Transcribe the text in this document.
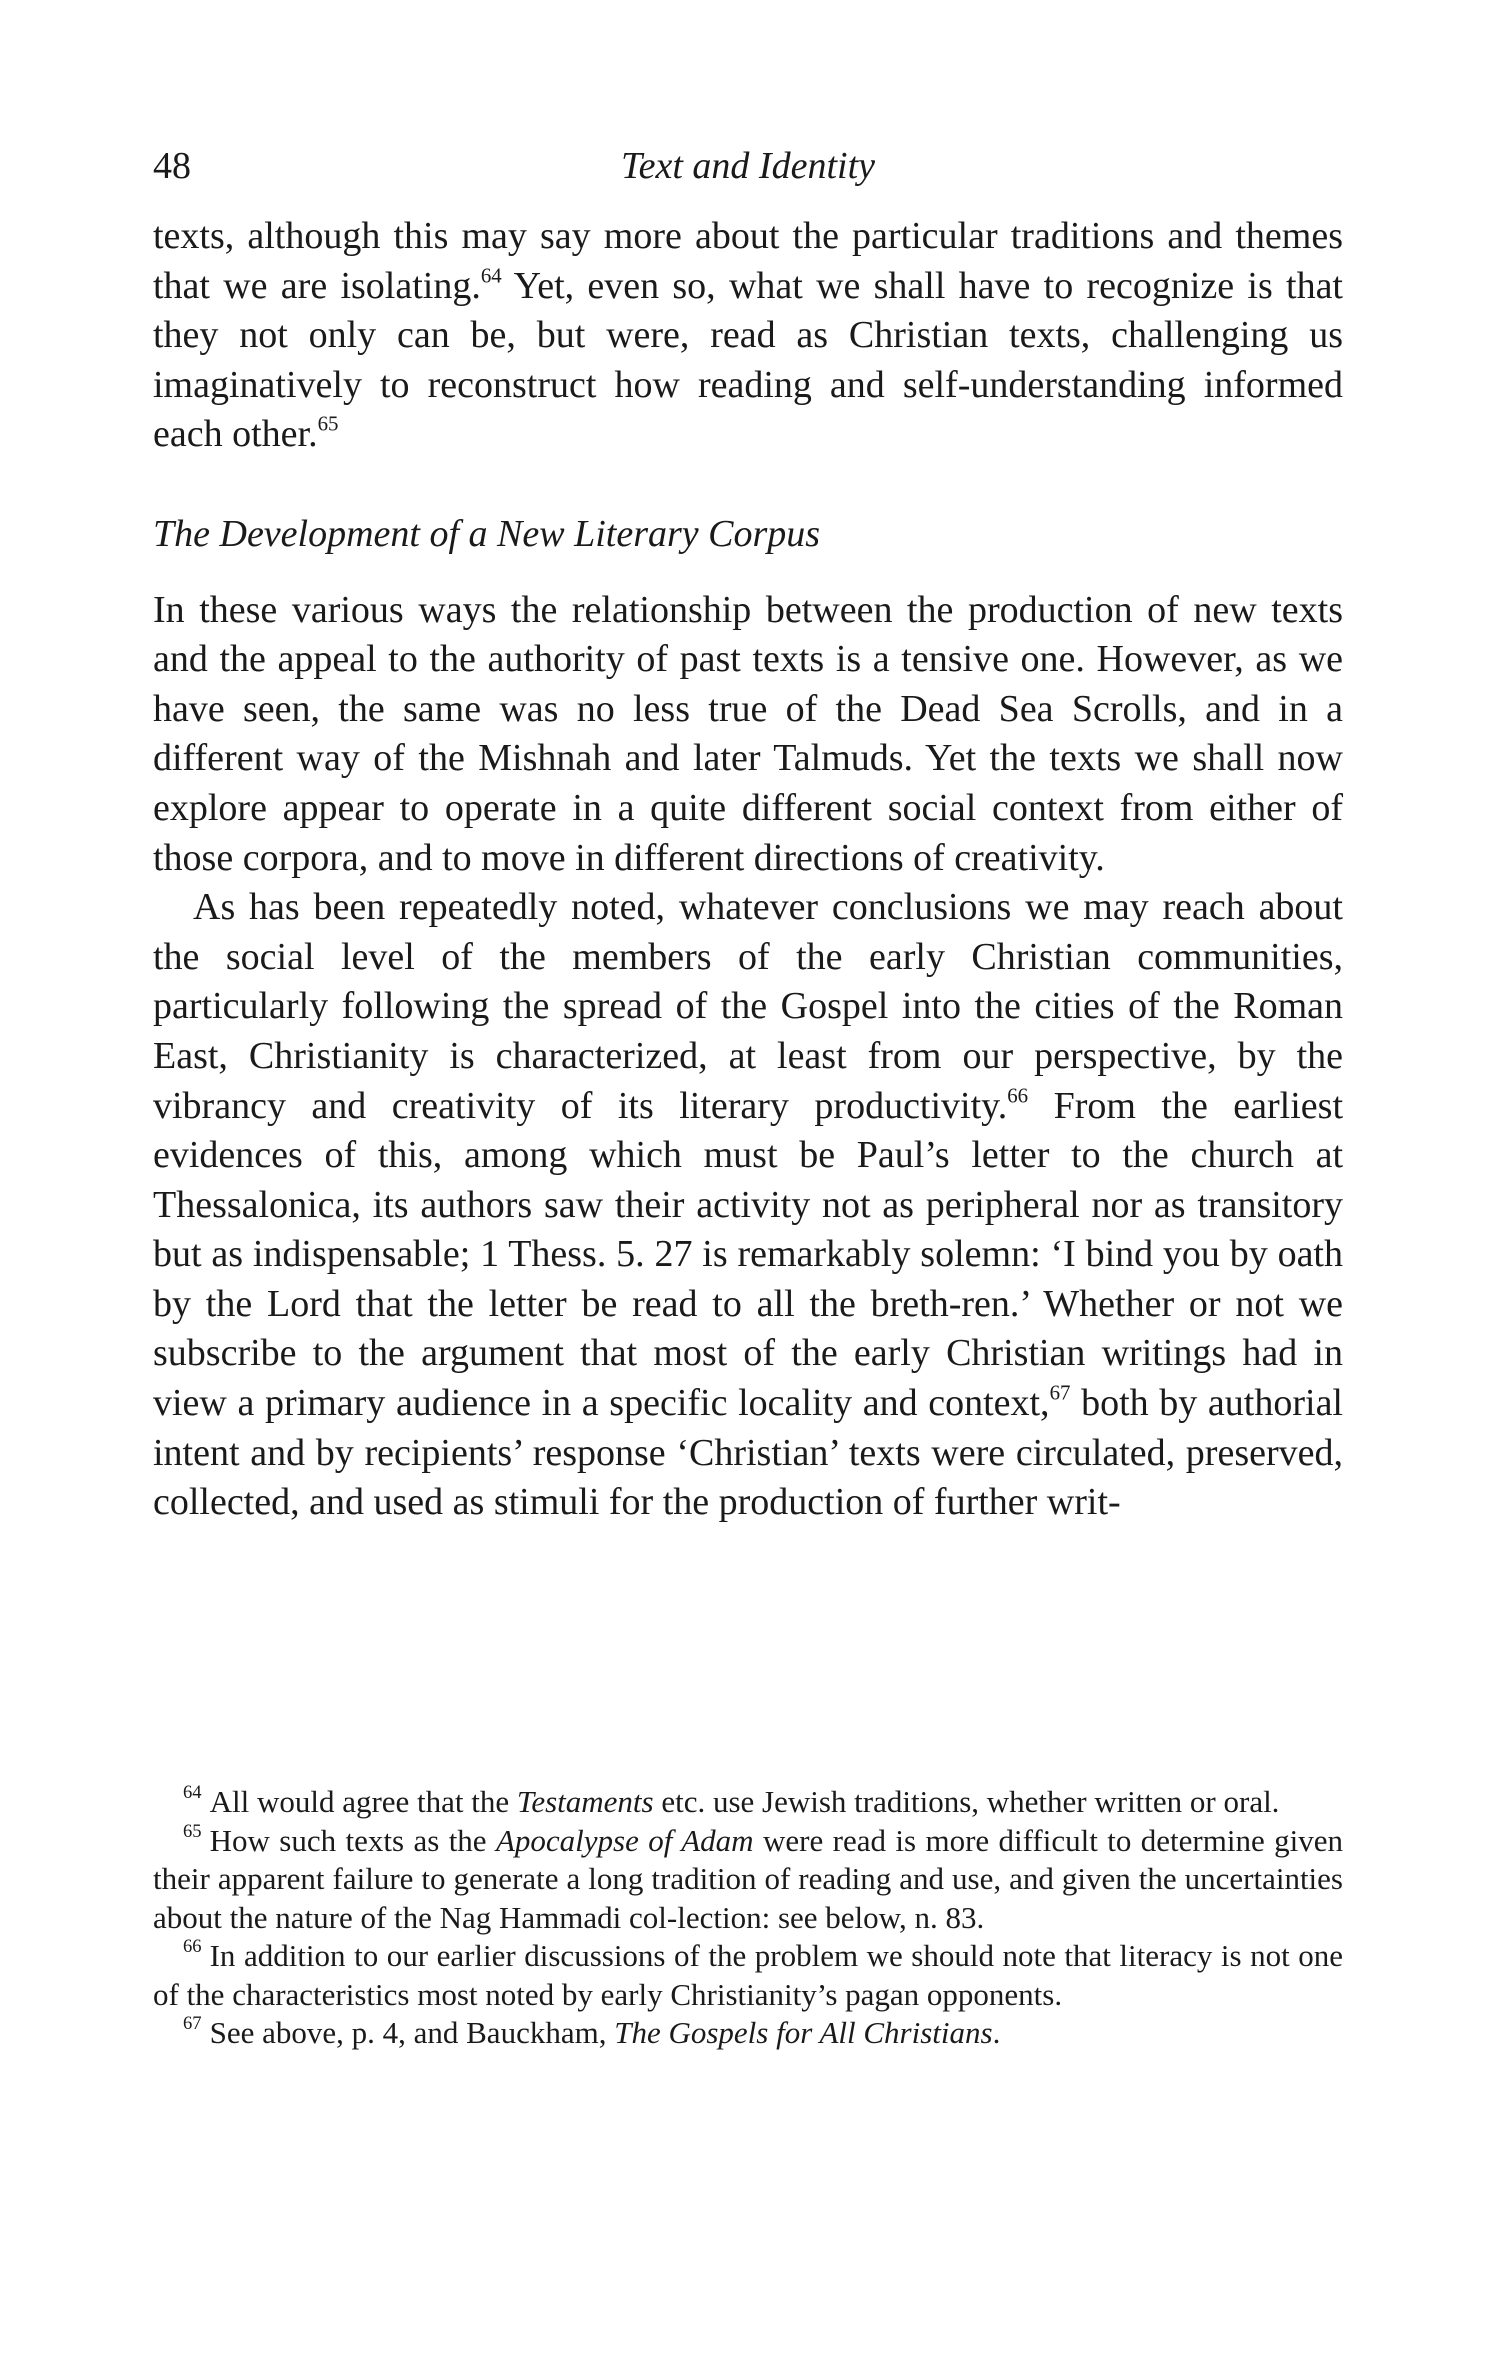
48	Text and Identity

texts, although this may say more about the particular traditions and themes that we are isolating.$^{64}$ Yet, even so, what we shall have to recognize is that they not only can be, but were, read as Christian texts, challenging us imaginatively to reconstruct how reading and self-understanding informed each other.$^{65}$

The Development of a New Literary Corpus

In these various ways the relationship between the production of new texts and the appeal to the authority of past texts is a tensive one. However, as we have seen, the same was no less true of the Dead Sea Scrolls, and in a different way of the Mishnah and later Talmuds. Yet the texts we shall now explore appear to operate in a quite different social context from either of those corpora, and to move in different directions of creativity.

As has been repeatedly noted, whatever conclusions we may reach about the social level of the members of the early Christian communities, particularly following the spread of the Gospel into the cities of the Roman East, Christianity is characterized, at least from our perspective, by the vibrancy and creativity of its literary productivity.$^{66}$ From the earliest evidences of this, among which must be Paul’s letter to the church at Thessalonica, its authors saw their activity not as peripheral nor as transitory but as indispensable; 1 Thess. 5. 27 is remarkably solemn: ‘I bind you by oath by the Lord that the letter be read to all the breth-ren.’ Whether or not we subscribe to the argument that most of the early Christian writings had in view a primary audience in a specific locality and context,$^{67}$ both by authorial intent and by recipients’ response ‘Christian’ texts were circulated, preserved, collected, and used as stimuli for the production of further writ-

$^{64}$ All would agree that the Testaments etc. use Jewish traditions, whether written or oral.

$^{65}$ How such texts as the Apocalypse of Adam were read is more difficult to determine given their apparent failure to generate a long tradition of reading and use, and given the uncertainties about the nature of the Nag Hammadi col-lection: see below, n. 83.

$^{66}$ In addition to our earlier discussions of the problem we should note that literacy is not one of the characteristics most noted by early Christianity’s pagan opponents.

$^{67}$ See above, p. 4, and Bauckham, The Gospels for All Christians.
